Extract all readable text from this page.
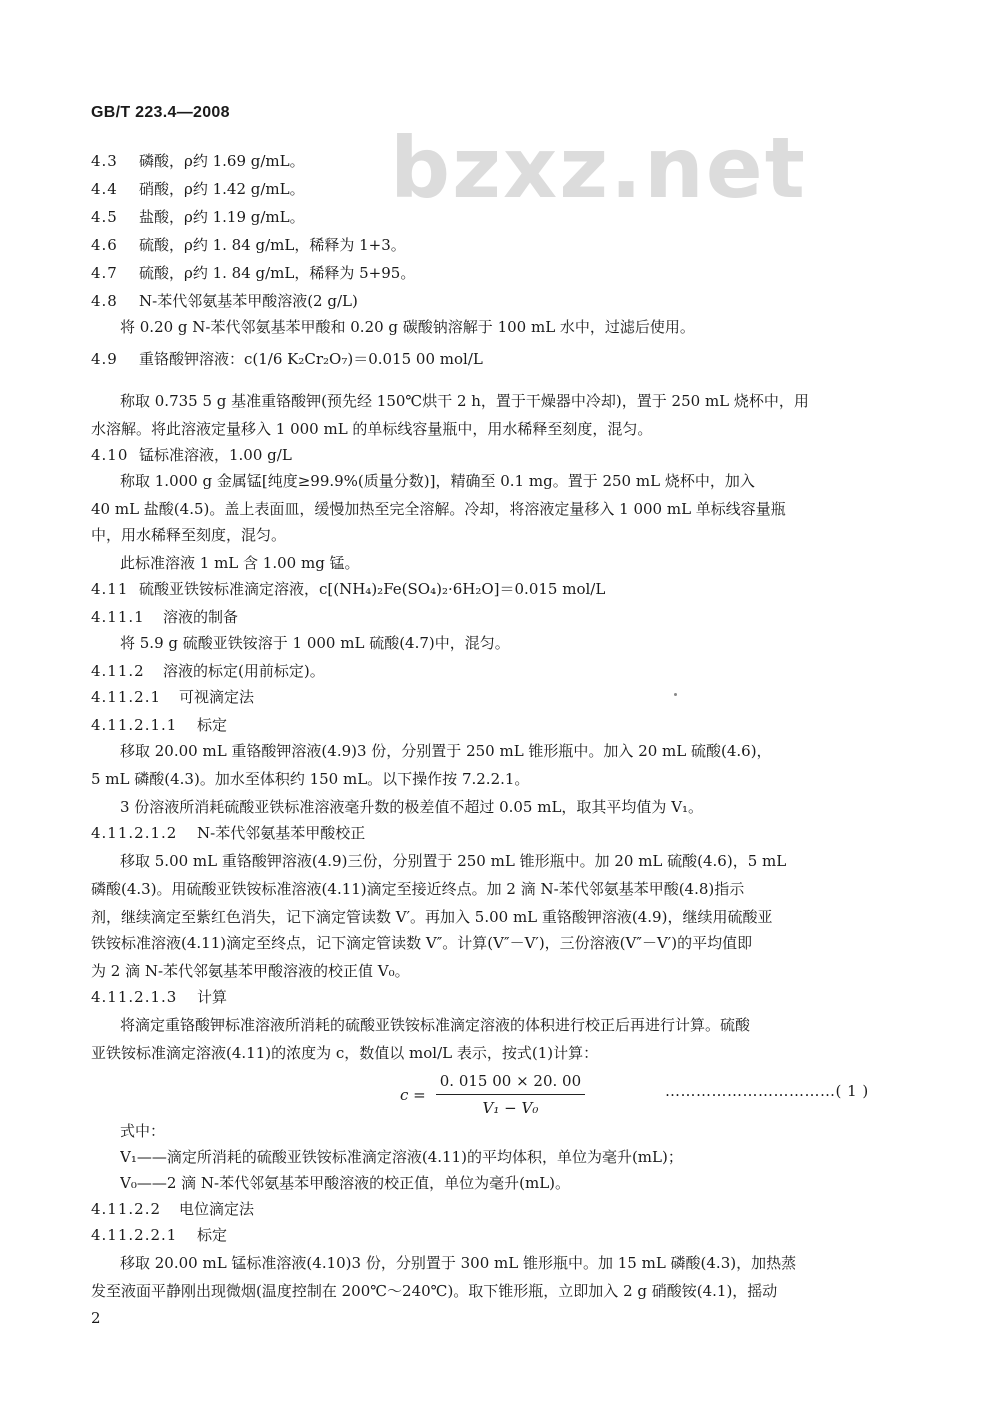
GB/T 223.4—2008
bzxz.net
4.3 磷酸，ρ约 1.69 g/mL。
4.4 硝酸，ρ约 1.42 g/mL。
4.5 盐酸，ρ约 1.19 g/mL。
4.6 硫酸，ρ约 1. 84 g/mL，稀释为 1+3。
4.7 硫酸，ρ约 1. 84 g/mL，稀释为 5+95。
4.8 N-苯代邻氨基苯甲酸溶液(2 g/L)
将 0.20 g N-苯代邻氨基苯甲酸和 0.20 g 碳酸钠溶解于 100 mL 水中，过滤后使用。
4.9 重铬酸钾溶液：c(1/6 K₂Cr₂O₇)＝0.015 00 mol/L
称取 0.735 5 g 基准重铬酸钾(预先经 150℃烘干 2 h，置于干燥器中冷却)，置于 250 mL 烧杯中，用
水溶解。将此溶液定量移入 1 000 mL 的单标线容量瓶中，用水稀释至刻度，混匀。
4.10 锰标准溶液，1.00 g/L
称取 1.000 g 金属锰[纯度≥99.9%(质量分数)]，精确至 0.1 mg。置于 250 mL 烧杯中，加入
40 mL 盐酸(4.5)。盖上表面皿，缓慢加热至完全溶解。冷却，将溶液定量移入 1 000 mL 单标线容量瓶
中，用水稀释至刻度，混匀。
此标准溶液 1 mL 含 1.00 mg 锰。
4.11 硫酸亚铁铵标准滴定溶液，c[(NH₄)₂Fe(SO₄)₂·6H₂O]＝0.015 mol/L
4.11.1 溶液的制备
将 5.9 g 硫酸亚铁铵溶于 1 000 mL 硫酸(4.7)中，混匀。
4.11.2 溶液的标定(用前标定)。
4.11.2.1 可视滴定法
4.11.2.1.1 标定
移取 20.00 mL 重铬酸钾溶液(4.9)3 份，分别置于 250 mL 锥形瓶中。加入 20 mL 硫酸(4.6)，
5 mL 磷酸(4.3)。加水至体积约 150 mL。以下操作按 7.2.2.1。
3 份溶液所消耗硫酸亚铁标准溶液毫升数的极差值不超过 0.05 mL，取其平均值为 V₁。
4.11.2.1.2 N-苯代邻氨基苯甲酸校正
移取 5.00 mL 重铬酸钾溶液(4.9)三份，分别置于 250 mL 锥形瓶中。加 20 mL 硫酸(4.6)，5 mL
磷酸(4.3)。用硫酸亚铁铵标准溶液(4.11)滴定至接近终点。加 2 滴 N-苯代邻氨基苯甲酸(4.8)指示
剂，继续滴定至紫红色消失，记下滴定管读数 V′。再加入 5.00 mL 重铬酸钾溶液(4.9)，继续用硫酸亚
铁铵标准溶液(4.11)滴定至终点，记下滴定管读数 V″。计算(V″－V′)，三份溶液(V″－V′)的平均值即
为 2 滴 N-苯代邻氨基苯甲酸溶液的校正值 V₀。
4.11.2.1.3 计算
将滴定重铬酸钾标准溶液所消耗的硫酸亚铁铵标准滴定溶液的体积进行校正后再进行计算。硫酸
亚铁铵标准滴定溶液(4.11)的浓度为 c，数值以 mol/L 表示，按式(1)计算：
$c = \frac{0. 015 00 \times 20. 00}{\text{V₁ − V₀}}$	……………………………( 1 )
式中：
V₁——滴定所消耗的硫酸亚铁铵标准滴定溶液(4.11)的平均体积，单位为毫升(mL)；
V₀——2 滴 N-苯代邻氨基苯甲酸溶液的校正值，单位为毫升(mL)。
4.11.2.2 电位滴定法
4.11.2.2.1 标定
移取 20.00 mL 锰标准溶液(4.10)3 份，分别置于 300 mL 锥形瓶中。加 15 mL 磷酸(4.3)，加热蒸
发至液面平静刚出现微烟(温度控制在 200℃～240℃)。取下锥形瓶，立即加入 2 g 硝酸铵(4.1)，摇动
2
